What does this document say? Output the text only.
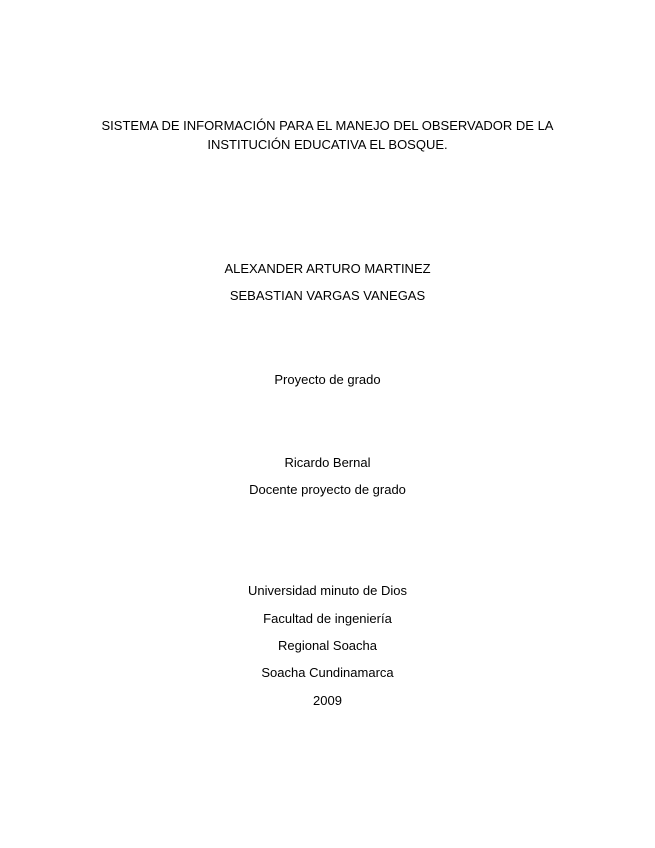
SISTEMA DE INFORMACIÓN PARA EL MANEJO DEL OBSERVADOR DE LA
INSTITUCIÓN EDUCATIVA EL BOSQUE.
ALEXANDER ARTURO MARTINEZ
SEBASTIAN VARGAS VANEGAS
Proyecto de grado
Ricardo Bernal
Docente proyecto de grado
Universidad minuto de Dios
Facultad de ingeniería
Regional Soacha
Soacha Cundinamarca
2009
